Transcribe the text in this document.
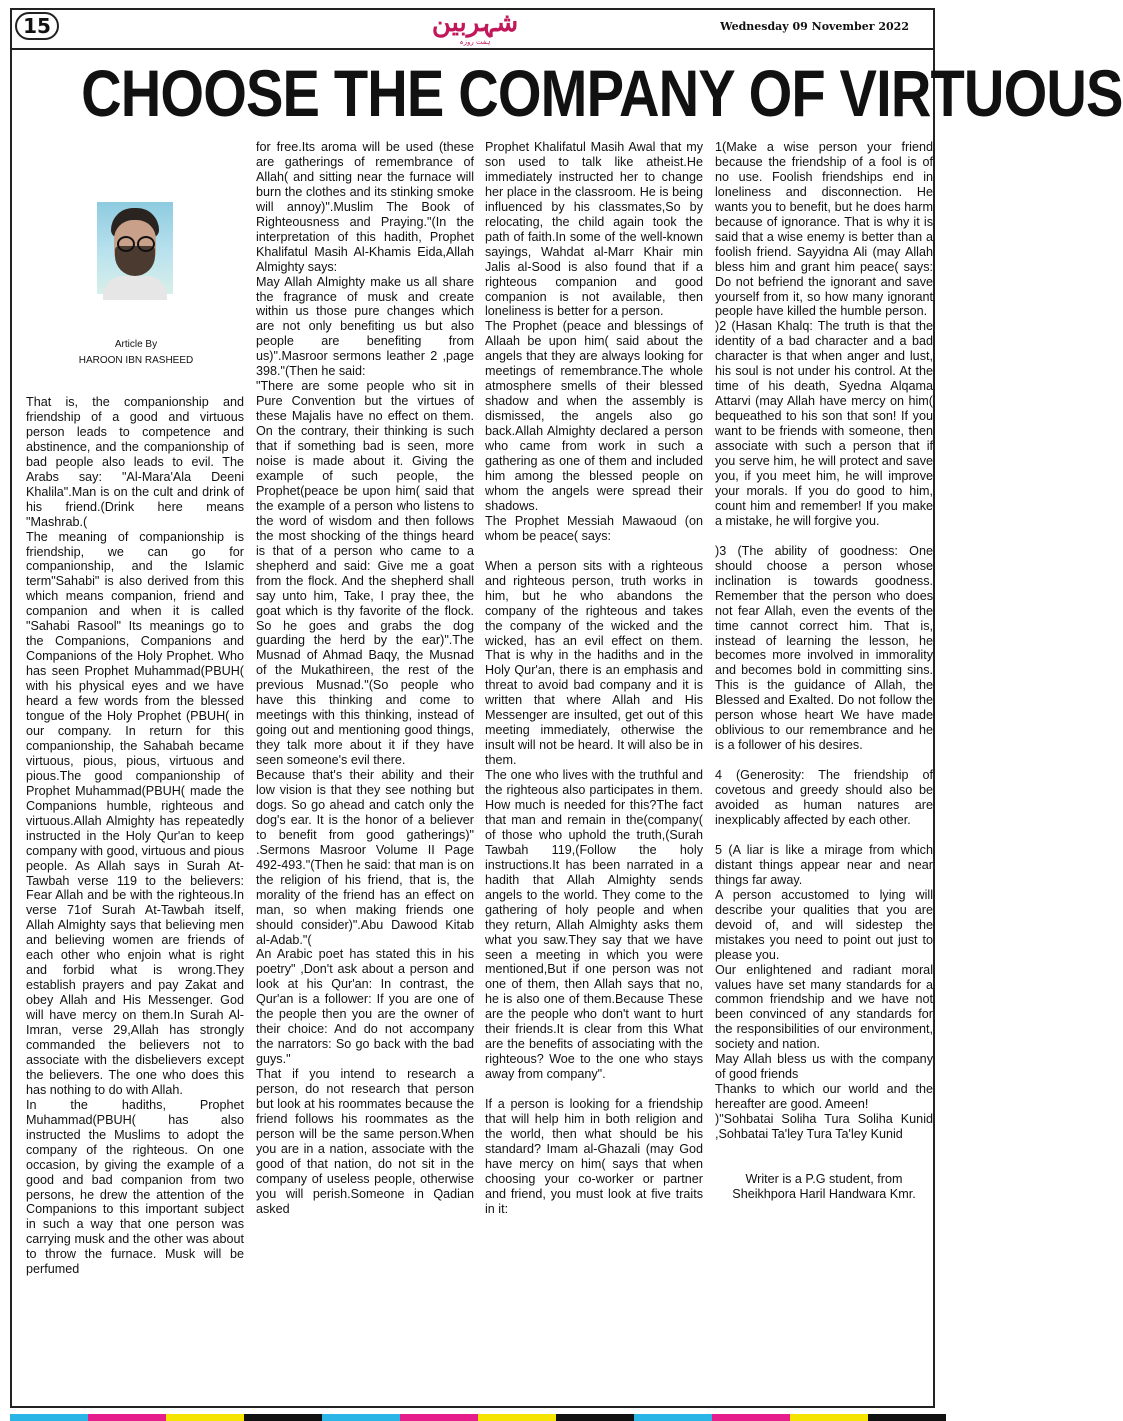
15	شہربین
ہفت روزہ
Wednesday 09 November 2022
CHOOSE THE COMPANY OF VIRTUOUS
Article By
HAROON IBN RASHEED

That is, the companionship and friendship of a good and virtuous person leads to competence and abstinence, and the companionship of bad people also leads to evil. The Arabs say: "Al-Mara'Ala Deeni Khalila".Man is on the cult and drink of his friend.(Drink here means "Mashrab.(

The meaning of companionship is friendship, we can go for companionship, and the Islamic term"Sahabi" is also derived from this which means companion, friend and companion and when it is called "Sahabi Rasool" Its meanings go to the Companions, Companions and Companions of the Holy Prophet. Who has seen Prophet Muhammad(PBUH( with his physical eyes and we have heard a few words from the blessed tongue of the Holy Prophet (PBUH( in our company. In return for this companionship, the Sahabah became virtuous, pious, pious, virtuous and pious.The good companionship of Prophet Muhammad(PBUH( made the Companions humble, righteous and virtuous.Allah Almighty has repeatedly instructed in the Holy Qur'an to keep company with good, virtuous and pious people. As Allah says in Surah At-Tawbah verse 119 to the believers: Fear Allah and be with the righteous.In verse 71of Surah At-Tawbah itself, Allah Almighty says that believing men and believing women are friends of each other who enjoin what is right and forbid what is wrong.They establish prayers and pay Zakat and obey Allah and His Messenger. God will have mercy on them.In Surah Al-Imran, verse 29,Allah has strongly commanded the believers not to associate with the disbelievers except the believers. The one who does this has nothing to do with Allah.

In the hadiths, Prophet Muhammad(PBUH( has also instructed the Muslims to adopt the company of the righteous. On one occasion, by giving the example of a good and bad companion from two persons, he drew the attention of the Companions to this important subject in such a way that one person was carrying musk and the other was about to throw the furnace. Musk will be perfumed

for free.Its aroma will be used (these are gatherings of remembrance of Allah( and sitting near the furnace will burn the clothes and its stinking smoke will annoy)".Muslim The Book of Righteousness and Praying."(In the interpretation of this hadith, Prophet Khalifatul Masih Al-Khamis Eida,Allah Almighty says:

May Allah Almighty make us all share the fragrance of musk and create within us those pure changes which are not only benefiting us but also people are benefiting from us)".Masroor sermons leather 2 ,page 398."(Then he said:

"There are some people who sit in Pure Convention but the virtues of these Majalis have no effect on them. On the contrary, their thinking is such that if something bad is seen, more noise is made about it. Giving the example of such people, the Prophet(peace be upon him( said that the example of a person who listens to the word of wisdom and then follows the most shocking of the things heard is that of a person who came to a shepherd and said: Give me a goat from the flock. And the shepherd shall say unto him, Take, I pray thee, the goat which is thy favorite of the flock. So he goes and grabs the dog guarding the herd by the ear)".The Musnad of Ahmad Baqy, the Musnad of the Mukathireen, the rest of the previous Musnad."(So people who have this thinking and come to meetings with this thinking, instead of going out and mentioning good things, they talk more about it if they have seen someone's evil there.

Because that's their ability and their low vision is that they see nothing but dogs. So go ahead and catch only the dog's ear. It is the honor of a believer to benefit from good gatherings)" .Sermons Masroor Volume II Page 492-493."(Then he said: that man is on the religion of his friend, that is, the morality of the friend has an effect on man, so when making friends one should consider)".Abu Dawood Kitab al-Adab."(

An Arabic poet has stated this in his poetry" ,Don't ask about a person and look at his Qur'an: In contrast, the Qur'an is a follower: If you are one of the people then you are the owner of their choice: And do not accompany the narrators: So go back with the bad guys."

That if you intend to research a person, do not research that person but look at his roommates because the friend follows his roommates as the person will be the same person.When you are in a nation, associate with the good of that nation, do not sit in the company of useless people, otherwise you will perish.Someone in Qadian asked

Prophet Khalifatul Masih Awal that my son used to talk like atheist.He immediately instructed her to change her place in the classroom. He is being influenced by his classmates,So by relocating, the child again took the path of faith.In some of the well-known sayings, Wahdat al-Marr Khair min Jalis al-Sood is also found that if a righteous companion and good companion is not available, then loneliness is better for a person.

The Prophet (peace and blessings of Allaah be upon him( said about the angels that they are always looking for meetings of remembrance.The whole atmosphere smells of their blessed shadow and when the assembly is dismissed, the angels also go back.Allah Almighty declared a person who came from work in such a gathering as one of them and included him among the blessed people on whom the angels were spread their shadows.

The Prophet Messiah Mawaoud (on whom be peace( says:

When a person sits with a righteous and righteous person, truth works in him, but he who abandons the company of the righteous and takes the company of the wicked and the wicked, has an evil effect on them. That is why in the hadiths and in the Holy Qur'an, there is an emphasis and threat to avoid bad company and it is written that where Allah and His Messenger are insulted, get out of this meeting immediately, otherwise the insult will not be heard. It will also be in them.

The one who lives with the truthful and the righteous also participates in them. How much is needed for this?The fact that man and remain in the(company( of those who uphold the truth,(Surah Tawbah 119,(Follow the holy instructions.It has been narrated in a hadith that Allah Almighty sends angels to the world. They come to the gathering of holy people and when they return, Allah Almighty asks them what you saw.They say that we have seen a meeting in which you were mentioned,But if one person was not one of them, then Allah says that no, he is also one of them.Because These are the people who don't want to hurt their friends.It is clear from this What are the benefits of associating with the righteous? Woe to the one who stays away from company".

If a person is looking for a friendship that will help him in both religion and the world, then what should be his standard? Imam al-Ghazali (may God have mercy on him( says that when choosing your co-worker or partner and friend, you must look at five traits in it:

1(Make a wise person your friend because the friendship of a fool is of no use. Foolish friendships end in loneliness and disconnection. He wants you to benefit, but he does harm because of ignorance. That is why it is said that a wise enemy is better than a foolish friend. Sayyidna Ali (may Allah bless him and grant him peace( says: Do not befriend the ignorant and save yourself from it, so how many ignorant people have killed the humble person.

)2 (Hasan Khalq: The truth is that the identity of a bad character and a bad character is that when anger and lust, his soul is not under his control. At the time of his death, Syedna Alqama Attarvi (may Allah have mercy on him( bequeathed to his son that son! If you want to be friends with someone, then associate with such a person that if you serve him, he will protect and save you, if you meet him, he will improve your morals. If you do good to him, count him and remember! If you make a mistake, he will forgive you.

)3 (The ability of goodness: One should choose a person whose inclination is towards goodness. Remember that the person who does not fear Allah, even the events of the time cannot correct him. That is, instead of learning the lesson, he becomes more involved in immorality and becomes bold in committing sins. This is the guidance of Allah, the Blessed and Exalted. Do not follow the person whose heart We have made oblivious to our remembrance and he is a follower of his desires.

4 (Generosity: The friendship of covetous and greedy should also be avoided as human natures are inexplicably affected by each other.

5 (A liar is like a mirage from which distant things appear near and near things far away.

A person accustomed to lying will describe your qualities that you are devoid of, and will sidestep the mistakes you need to point out just to please you.

Our enlightened and radiant moral values have set many standards for a common friendship and we have not been convinced of any standards for the responsibilities of our environment, society and nation.

May Allah bless us with the company of good friends

Thanks to which our world and the hereafter are good. Ameen!

)"Sohbatai Soliha Tura Soliha Kunid ,Sohbatai Ta'ley Tura Ta'ley Kunid

Writer is a P.G student, from Sheikhpora Haril Handwara Kmr.
